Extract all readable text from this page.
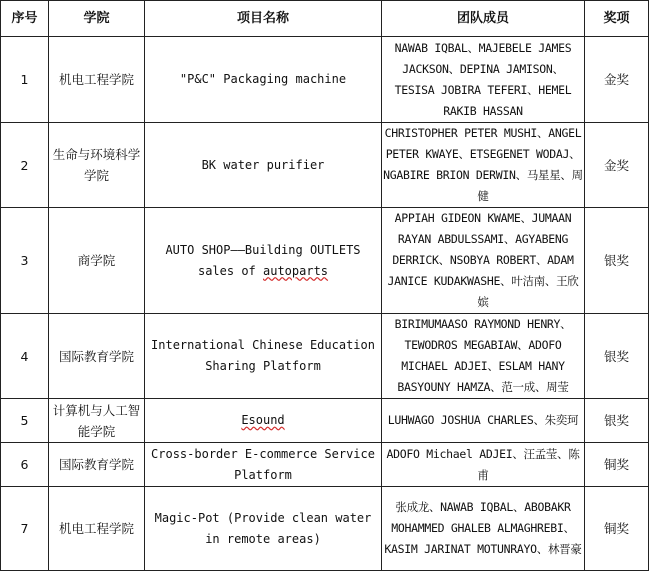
序号	学院	项目名称	团队成员	奖项
1	机电工程学院	"P&C" Packaging machine	NAWAB IQBAL、MAJEBELE JAMES JACKSON、DEPINA JAMISON、TESISA JOBIRA TEFERI、HEMEL RAKIB HASSAN	金奖
2	生命与环境科学学院	BK water purifier	CHRISTOPHER PETER MUSHI、ANGEL PETER KWAYE、ETSEGENET WODAJ、NGABIRE BRION DERWIN、马星星、周健	金奖
3	商学院	AUTO SHOP——Building OUTLETS sales of autoparts	APPIAH GIDEON KWAME、JUMAAN RAYAN ABDULSSAMI、AGYABENG DERRICK、NSOBYA ROBERT、ADAM JANICE KUDAKWASHE、叶洁南、王欣嫔	银奖
4	国际教育学院	International Chinese Education Sharing Platform	BIRIMUMAASO RAYMOND HENRY、TEWODROS MEGABIAW、ADOFO MICHAEL ADJEI、ESLAM HANY BASYOUNY HAMZA、范一成、周莹	银奖
5	计算机与人工智能学院	Esound	LUHWAGO JOSHUA CHARLES、朱奕珂	银奖
6	国际教育学院	Cross-border E-commerce Service Platform	ADOFO Michael ADJEI、汪孟莹、陈甫	铜奖
7	机电工程学院	Magic-Pot (Provide clean water in remote areas)	张成龙、NAWAB IQBAL、ABOBAKR MOHAMMED GHALEB ALMAGHREBI、KASIM JARINAT MOTUNRAYO、林晋豪	铜奖
